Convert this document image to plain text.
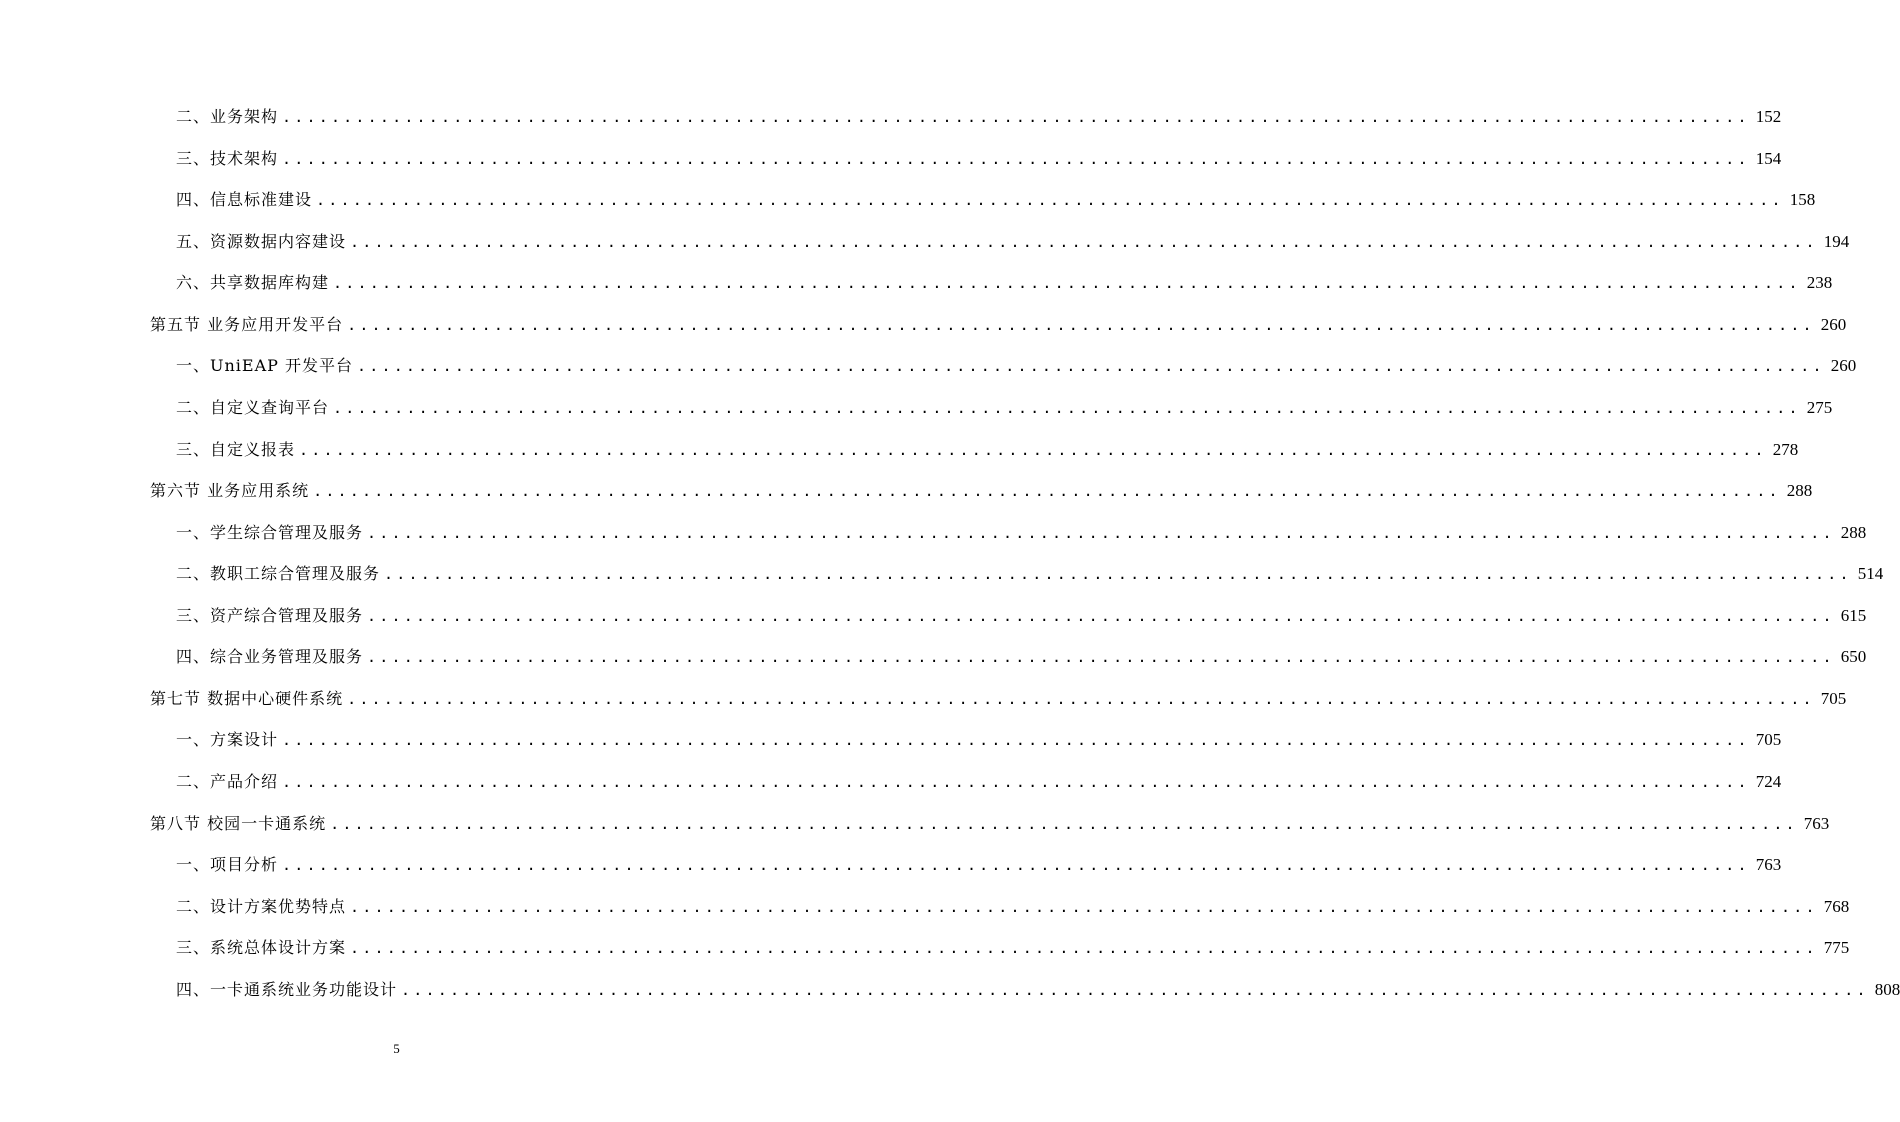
二、业务架构 ........................................................................................................................ 152
三、技术架构 ........................................................................................................................ 154
四、信息标准建设 ........................................................................................................................ 158
五、资源数据内容建设 ........................................................................................................................ 194
六、共享数据库构建 ........................................................................................................................ 238
第五节 业务应用开发平台 ........................................................................................................................ 260
一、UniEAP 开发平台 ........................................................................................................................ 260
二、自定义查询平台 ........................................................................................................................ 275
三、自定义报表 ........................................................................................................................ 278
第六节 业务应用系统 ........................................................................................................................ 288
一、学生综合管理及服务 ........................................................................................................................ 288
二、教职工综合管理及服务 ........................................................................................................................ 514
三、资产综合管理及服务 ........................................................................................................................ 615
四、综合业务管理及服务 ........................................................................................................................ 650
第七节 数据中心硬件系统 ........................................................................................................................ 705
一、方案设计 ........................................................................................................................ 705
二、产品介绍 ........................................................................................................................ 724
第八节 校园一卡通系统 ........................................................................................................................ 763
一、项目分析 ........................................................................................................................ 763
二、设计方案优势特点 ........................................................................................................................ 768
三、系统总体设计方案 ........................................................................................................................ 775
四、一卡通系统业务功能设计 ........................................................................................................................ 808
5
